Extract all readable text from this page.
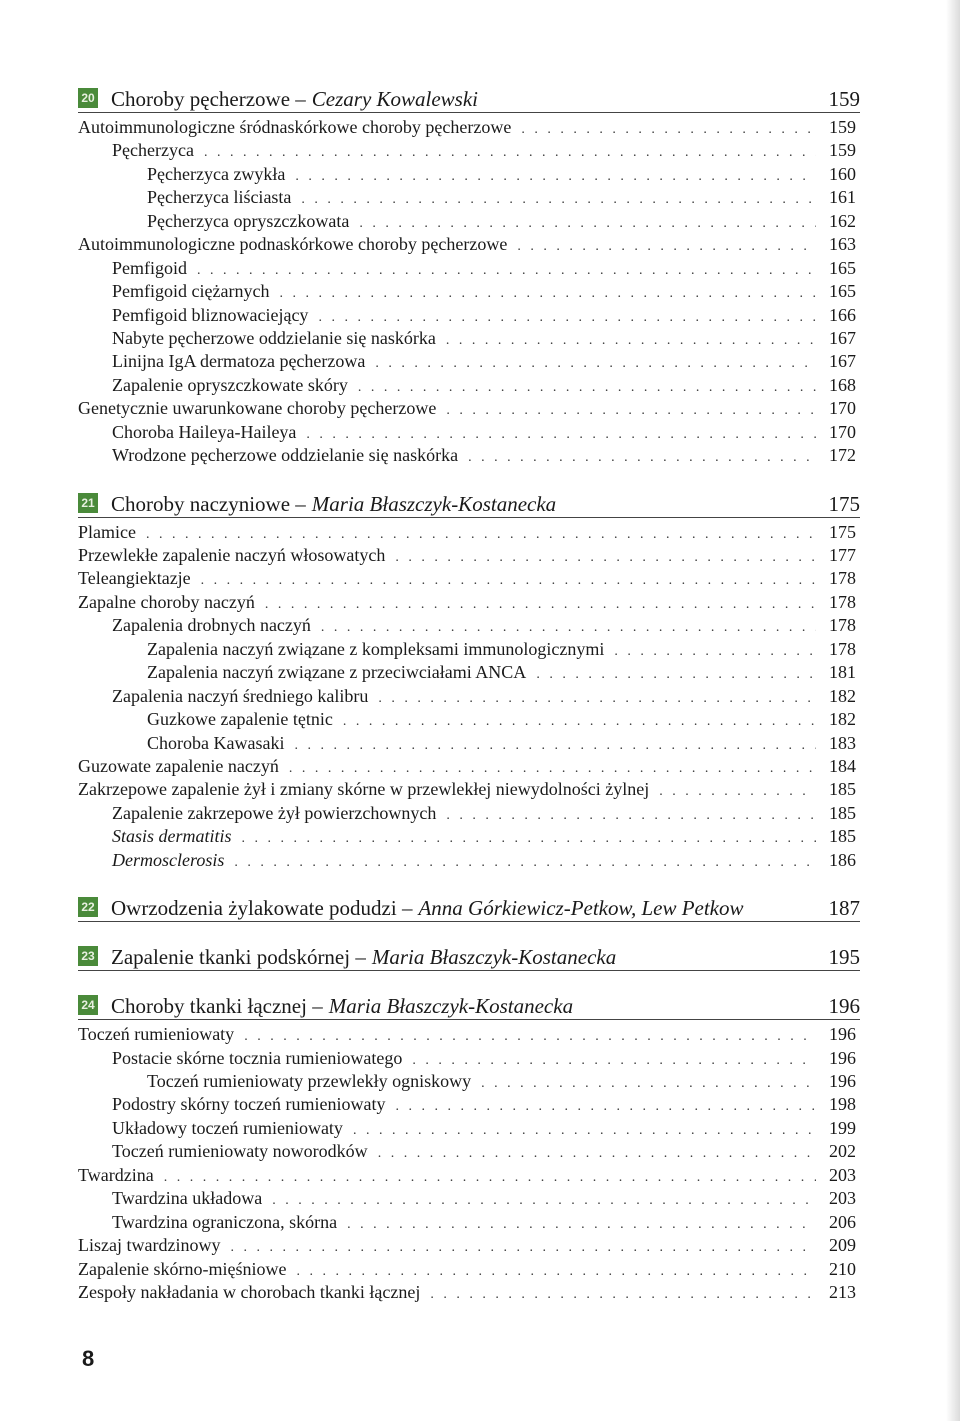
20 Choroby pęcherzowe – Cezary Kowalewski	159
Autoimmunologiczne śródnaskórkowe choroby pęcherzowe . . .	159
Pęcherzyca . . .	159
Pęcherzyca zwykła . . .	160
Pęcherzyca liściasta . . .	161
Pęcherzyca opryszczkowata . . .	162
Autoimmunologiczne podnaskórkowe choroby pęcherzowe . . .	163
Pemfigoid . . .	165
Pemfigoid ciężarnych . . .	165
Pemfigoid bliznowaciejący . . .	166
Nabyte pęcherzowe oddzielanie się naskórka . . .	167
Linijna IgA dermatoza pęcherzowa . . .	167
Zapalenie opryszczkowate skóry . . .	168
Genetycznie uwarunkowane choroby pęcherzowe . . .	170
Choroba Haileya-Haileya . . .	170
Wrodzone pęcherzowe oddzielanie się naskórka . . .	172
21 Choroby naczyniowe – Maria Błaszczyk-Kostanecka	175
Plamice . . .	175
Przewlekłe zapalenie naczyń włosowatych . . .	177
Teleangiektazje . . .	178
Zapalne choroby naczyń . . .	178
Zapalenia drobnych naczyń . . .	178
Zapalenia naczyń związane z kompleksami immunologicznymi . . .	178
Zapalenia naczyń związane z przeciwciałami ANCA . . .	181
Zapalenia naczyń średniego kalibru . . .	182
Guzkowe zapalenie tętnic . . .	182
Choroba Kawasaki . . .	183
Guzowate zapalenie naczyń . . .	184
Zakrzepowe zapalenie żył i zmiany skórne w przewlekłej niewydolności żylnej . . .	185
Zapalenie zakrzepowe żył powierzchownych . . .	185
Stasis dermatitis . . .	185
Dermosclerosis . . .	186
22 Owrzodzenia żylakowate podudzi – Anna Górkiewicz-Petkow, Lew Petkow	187
23 Zapalenie tkanki podskórnej – Maria Błaszczyk-Kostanecka	195
24 Choroby tkanki łącznej – Maria Błaszczyk-Kostanecka	196
Toczeń rumieniowaty . . .	196
Postacie skórne tocznia rumieniowatego . . .	196
Toczeń rumieniowaty przewlekły ogniskowy . . .	196
Podostry skórny toczeń rumieniowaty . . .	198
Układowy toczeń rumieniowaty . . .	199
Toczeń rumieniowaty noworodków . . .	202
Twardzina . . .	203
Twardzina układowa . . .	203
Twardzina ograniczona, skórna . . .	206
Liszaj twardzinowy . . .	209
Zapalenie skórno-mięśniowe . . .	210
Zespoły nakładania w chorobach tkanki łącznej . . .	213
8
